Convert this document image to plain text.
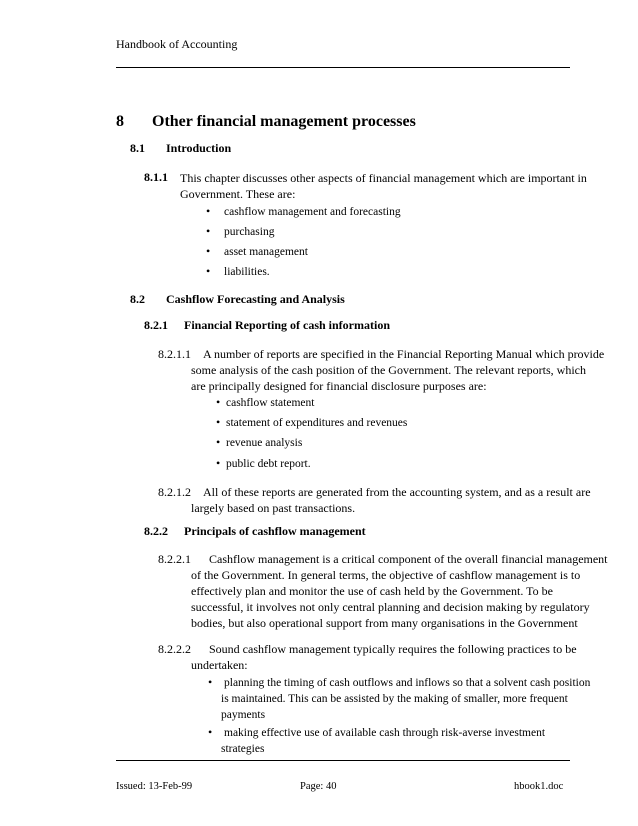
Handbook of Accounting
8 Other financial management processes
8.1 Introduction
8.1.1 This chapter discusses other aspects of financial management which are important in
Government. These are:
• cashflow management and forecasting
• purchasing
• asset management
• liabilities.
8.2 Cashflow Forecasting and Analysis
8.2.1 Financial Reporting of cash information
8.2.1.1 A number of reports are specified in the Financial Reporting Manual which provide
some analysis of the cash position of the Government. The relevant reports, which
are principally designed for financial disclosure purposes are:
• cashflow statement
• statement of expenditures and revenues
• revenue analysis
• public debt report.
8.2.1.2 All of these reports are generated from the accounting system, and as a result are
largely based on past transactions.
8.2.2 Principals of cashflow management
8.2.2.1 Cashflow management is a critical component of the overall financial management
of the Government. In general terms, the objective of cashflow management is to
effectively plan and monitor the use of cash held by the Government. To be
successful, it involves not only central planning and decision making by regulatory
bodies, but also operational support from many organisations in the Government
8.2.2.2 Sound cashflow management typically requires the following practices to be
undertaken:
• planning the timing of cash outflows and inflows so that a solvent cash position
is maintained. This can be assisted by the making of smaller, more frequent
payments
• making effective use of available cash through risk-averse investment
strategies
Issued: 13-Feb-99	Page: 40	hbook1.doc
